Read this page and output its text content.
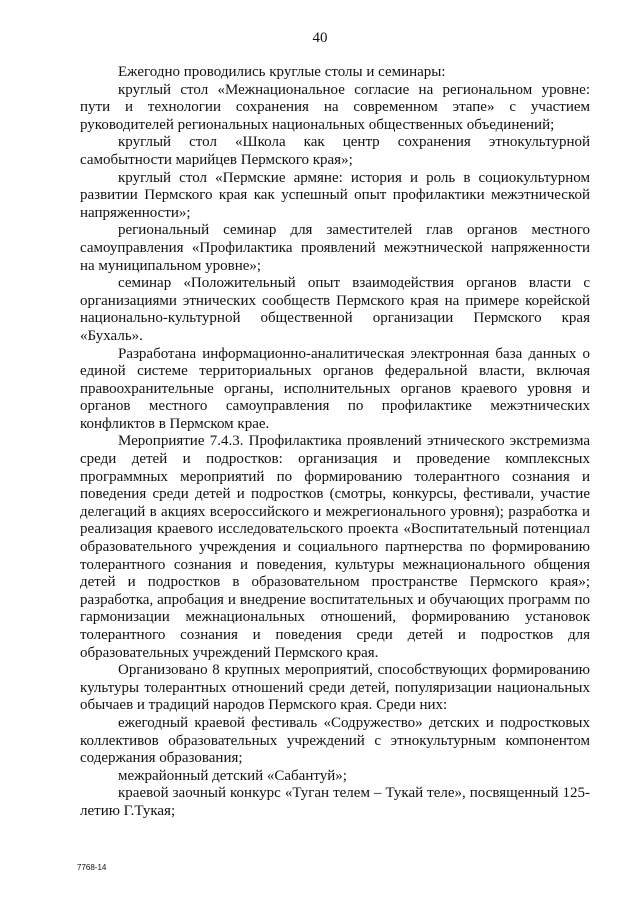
40

Ежегодно проводились круглые столы и семинары:

круглый стол «Межнациональное согласие на региональном уровне: пути и технологии сохранения на современном этапе» с участием руководителей региональных национальных общественных объединений;

круглый стол «Школа как центр сохранения этнокультурной самобытности марийцев Пермского края»;

круглый стол «Пермские армяне: история и роль в социокультурном развитии Пермского края как успешный опыт профилактики межэтнической напряженности»;

региональный семинар для заместителей глав органов местного самоуправления «Профилактика проявлений межэтнической напряженности на муниципальном уровне»;

семинар «Положительный опыт взаимодействия органов власти с организациями этнических сообществ Пермского края на примере корейской национально-культурной общественной организации Пермского края «Бухаль».

Разработана информационно-аналитическая электронная база данных о единой системе территориальных органов федеральной власти, включая правоохранительные органы, исполнительных органов краевого уровня и органов местного самоуправления по профилактике межэтнических конфликтов в Пермском крае.

Мероприятие 7.4.3. Профилактика проявлений этнического экстремизма среди детей и подростков: организация и проведение комплексных программных мероприятий по формированию толерантного сознания и поведения среди детей и подростков (смотры, конкурсы, фестивали, участие делегаций в акциях всероссийского и межрегионального уровня); разработка и реализация краевого исследовательского проекта «Воспитательный потенциал образовательного учреждения и социального партнерства по формированию толерантного сознания и поведения, культуры межнационального общения детей и подростков в образовательном пространстве Пермского края»; разработка, апробация и внедрение воспитательных и обучающих программ по гармонизации межнациональных отношений, формированию установок толерантного сознания и поведения среди детей и подростков для образовательных учреждений Пермского края.

Организовано 8 крупных мероприятий, способствующих формированию культуры толерантных отношений среди детей, популяризации национальных обычаев и традиций народов Пермского края. Среди них:

ежегодный краевой фестиваль «Содружество» детских и подростковых коллективов образовательных учреждений с этнокультурным компонентом содержания образования;

межрайонный детский «Сабантуй»;

краевой заочный конкурс «Туган телем – Тукай теле», посвященный 125-летию Г.Тукая;

7768-14
